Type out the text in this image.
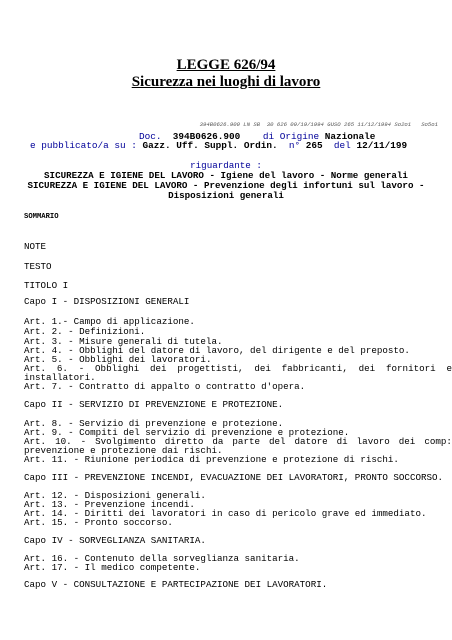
LEGGE 626/94
Sicurezza nei luoghi di lavoro
394B0626.900 LN SB  30 626 09/19/1994 GUSO 265 11/12/1994 So2o1   So5o1
Doc. 394B0626.900 di Origine Nazionale
e pubblicato/a su : Gazz. Uff. Suppl. Ordin. n° 265 del 12/11/199
riguardante :
SICUREZZA E IGIENE DEL LAVORO - Igiene del lavoro - Norme generali
SICUREZZA E IGIENE DEL LAVORO - Prevenzione degli infortuni sul lavoro -
Disposizioni generali
SOMMARIO
NOTE
TESTO
TITOLO I
Capo I - DISPOSIZIONI GENERALI
Art. 1.- Campo di applicazione.
Art. 2. - Definizioni.
Art. 3. - Misure generali di tutela.
Art. 4. - Obblighi del datore di lavoro, del dirigente e del preposto.
Art. 5. - Obblighi dei lavoratori.
Art. 6. - Obblighi dei progettisti, dei fabbricanti, dei fornitori e
installatori.
Art. 7. - Contratto di appalto o contratto d'opera.
Capo II - SERVIZIO DI PREVENZIONE E PROTEZIONE.
Art. 8. - Servizio di prevenzione e protezione.
Art. 9. - Compiti del servizio di prevenzione e protezione.
Art. 10. - Svolgimento diretto da parte del datore di lavoro dei comp:
prevenzione e protezione dai rischi.
Art. 11. - Riunione periodica di prevenzione e protezione di rischi.
Capo III - PREVENZIONE INCENDI, EVACUAZIONE DEI LAVORATORI, PRONTO SOCCORSO.
Art. 12. - Disposizioni generali.
Art. 13. - Prevenzione incendi.
Art. 14. - Diritti dei lavoratori in caso di pericolo grave ed immediato.
Art. 15. - Pronto soccorso.
Capo IV - SORVEGLIANZA SANITARIA.
Art. 16. - Contenuto della sorveglianza sanitaria.
Art. 17. - Il medico competente.
Capo V - CONSULTAZIONE E PARTECIPAZIONE DEI LAVORATORI.
